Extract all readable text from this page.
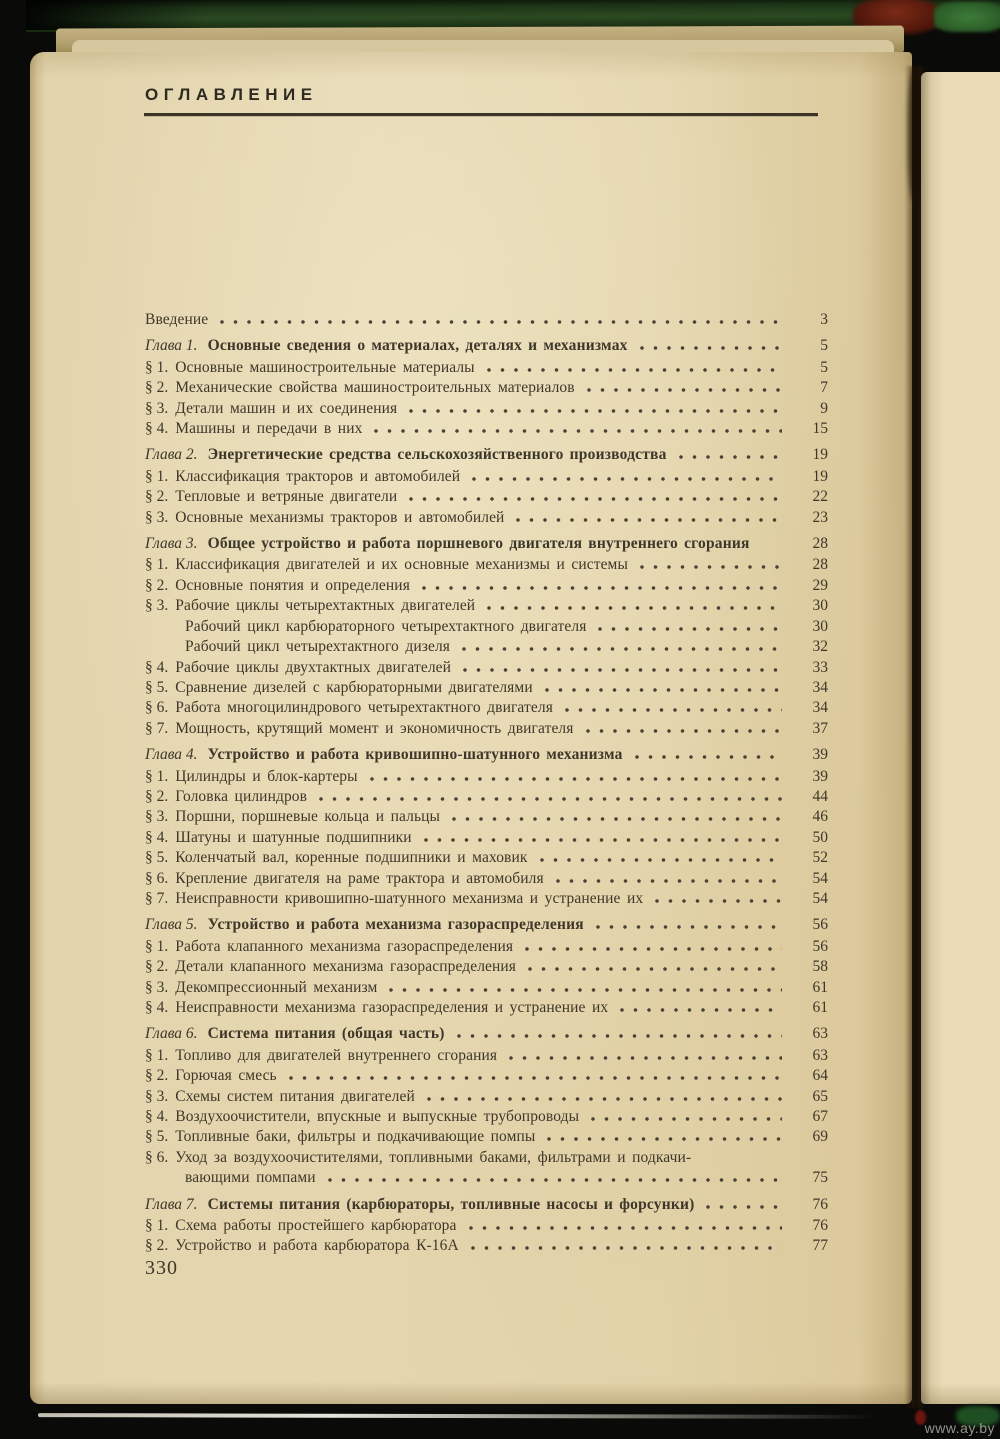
ОГЛАВЛЕНИЕ
Введение	3
Глава 1. Основные сведения о материалах, деталях и механизмах	5
§ 1. Основные машиностроительные материалы	5
§ 2. Механические свойства машиностроительных материалов	7
§ 3. Детали машин и их соединения	9
§ 4. Машины и передачи в них	15
Глава 2. Энергетические средства сельскохозяйственного производства	19
§ 1. Классификация тракторов и автомобилей	19
§ 2. Тепловые и ветряные двигатели	22
§ 3. Основные механизмы тракторов и автомобилей	23
Глава 3. Общее устройство и работа поршневого двигателя внутреннего сгорания	28
§ 1. Классификация двигателей и их основные механизмы и системы	28
§ 2. Основные понятия и определения	29
§ 3. Рабочие циклы четырехтактных двигателей	30
Рабочий цикл карбюраторного четырехтактного двигателя	30
Рабочий цикл четырехтактного дизеля	32
§ 4. Рабочие циклы двухтактных двигателей	33
§ 5. Сравнение дизелей с карбюраторными двигателями	34
§ 6. Работа многоцилиндрового четырехтактного двигателя	34
§ 7. Мощность, крутящий момент и экономичность двигателя	37
Глава 4. Устройство и работа кривошипно-шатунного механизма	39
§ 1. Цилиндры и блок-картеры	39
§ 2. Головка цилиндров	44
§ 3. Поршни, поршневые кольца и пальцы	46
§ 4. Шатуны и шатунные подшипники	50
§ 5. Коленчатый вал, коренные подшипники и маховик	52
§ 6. Крепление двигателя на раме трактора и автомобиля	54
§ 7. Неисправности кривошипно-шатунного механизма и устранение их	54
Глава 5. Устройство и работа механизма газораспределения	56
§ 1. Работа клапанного механизма газораспределения	56
§ 2. Детали клапанного механизма газораспределения	58
§ 3. Декомпрессионный механизм	61
§ 4. Неисправности механизма газораспределения и устранение их	61
Глава 6. Система питания (общая часть)	63
§ 1. Топливо для двигателей внутреннего сгорания	63
§ 2. Горючая смесь	64
§ 3. Схемы систем питания двигателей	65
§ 4. Воздухоочистители, впускные и выпускные трубопроводы	67
§ 5. Топливные баки, фильтры и подкачивающие помпы	69
§ 6. Уход за воздухоочистителями, топливными баками, фильтрами и подкачи-
вающими помпами	75
Глава 7. Системы питания (карбюраторы, топливные насосы и форсунки)	76
§ 1. Схема работы простейшего карбюратора	76
§ 2. Устройство и работа карбюратора К-16А	77
330
www.ay.by
